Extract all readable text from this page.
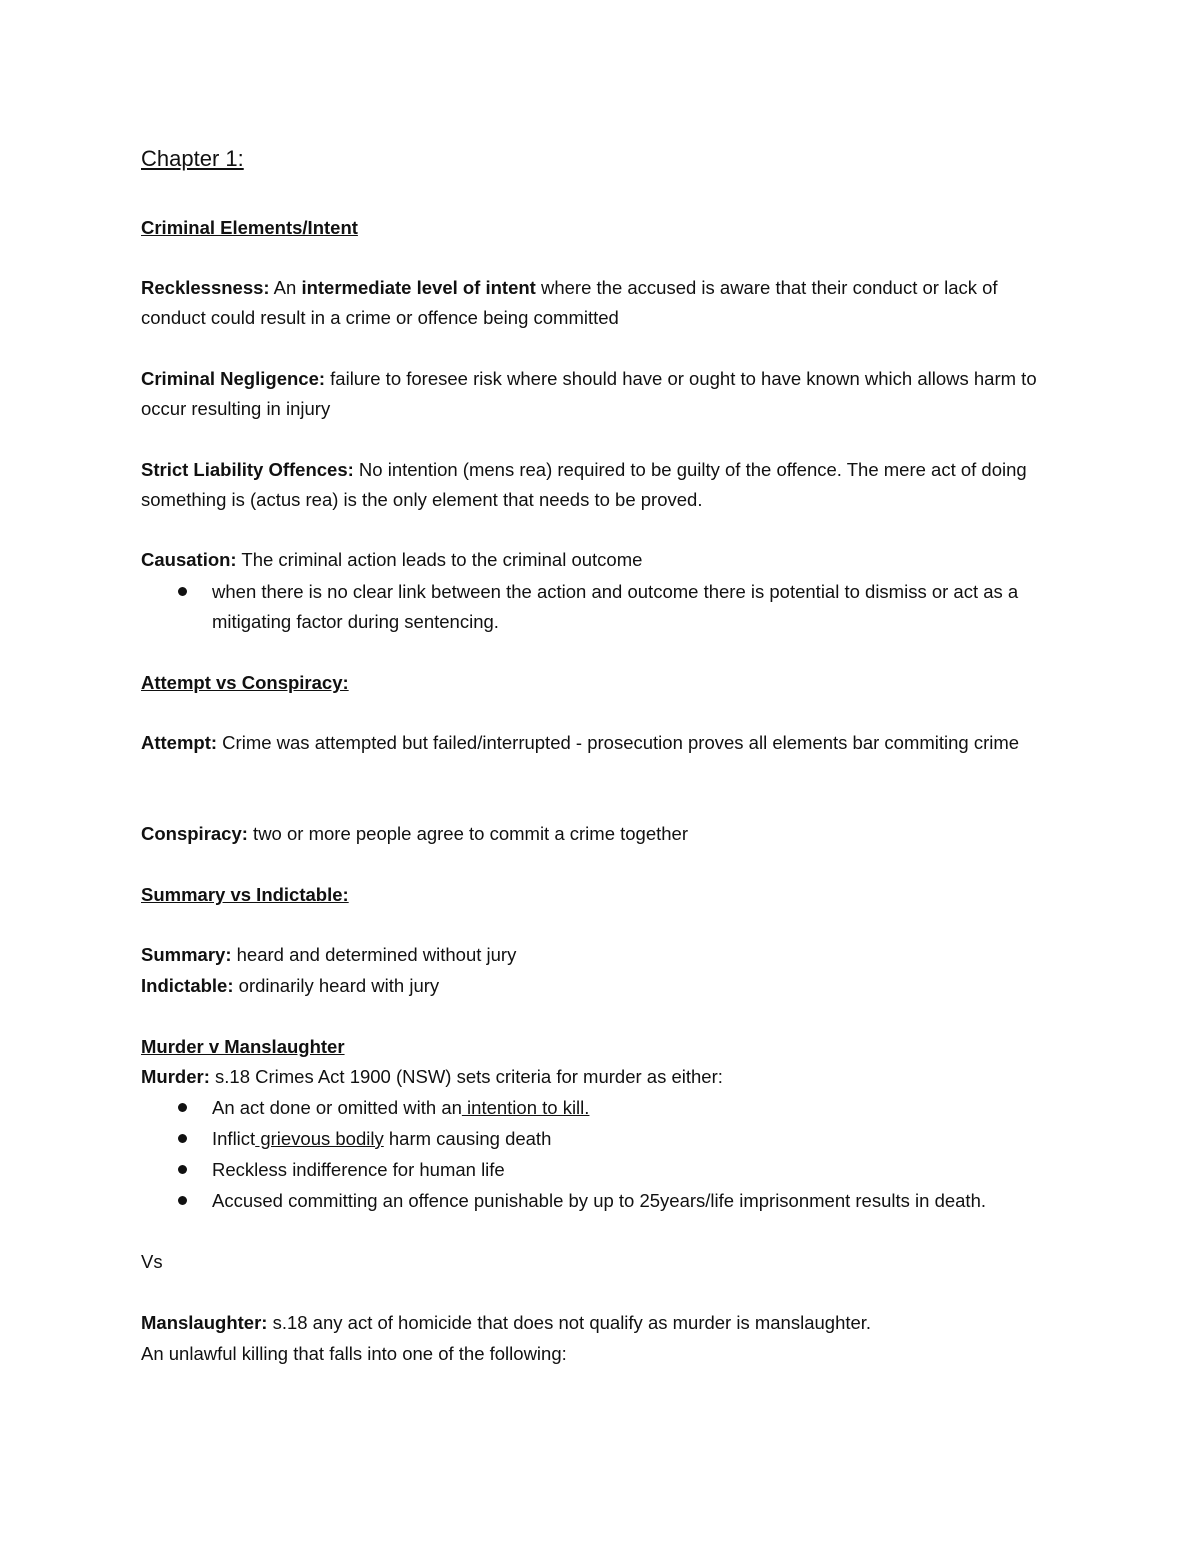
Chapter 1:
Criminal Elements/Intent
Recklessness: An intermediate level of intent where the accused is aware that their conduct or lack of conduct could result in a crime or offence being committed
Criminal Negligence: failure to foresee risk where should have or ought to have known which allows harm to occur resulting in injury
Strict Liability Offences: No intention (mens rea) required to be guilty of the offence. The mere act of doing something is (actus rea) is the only element that needs to be proved.
Causation: The criminal action leads to the criminal outcome
when there is no clear link between the action and outcome there is potential to dismiss or act as a mitigating factor during sentencing.
Attempt vs Conspiracy:
Attempt: Crime was attempted but failed/interrupted - prosecution proves all elements bar commiting crime
Conspiracy: two or more people agree to commit a crime together
Summary vs Indictable:
Summary: heard and determined without jury
Indictable: ordinarily heard with jury
Murder v Manslaughter
Murder: s.18 Crimes Act 1900 (NSW) sets criteria for murder as either:
An act done or omitted with an intention to kill.
Inflict grievous bodily harm causing death
Reckless indifference for human life
Accused committing an offence punishable by up to 25years/life imprisonment results in death.
Vs
Manslaughter: s.18 any act of homicide that does not qualify as murder is manslaughter.
An unlawful killing that falls into one of the following:
